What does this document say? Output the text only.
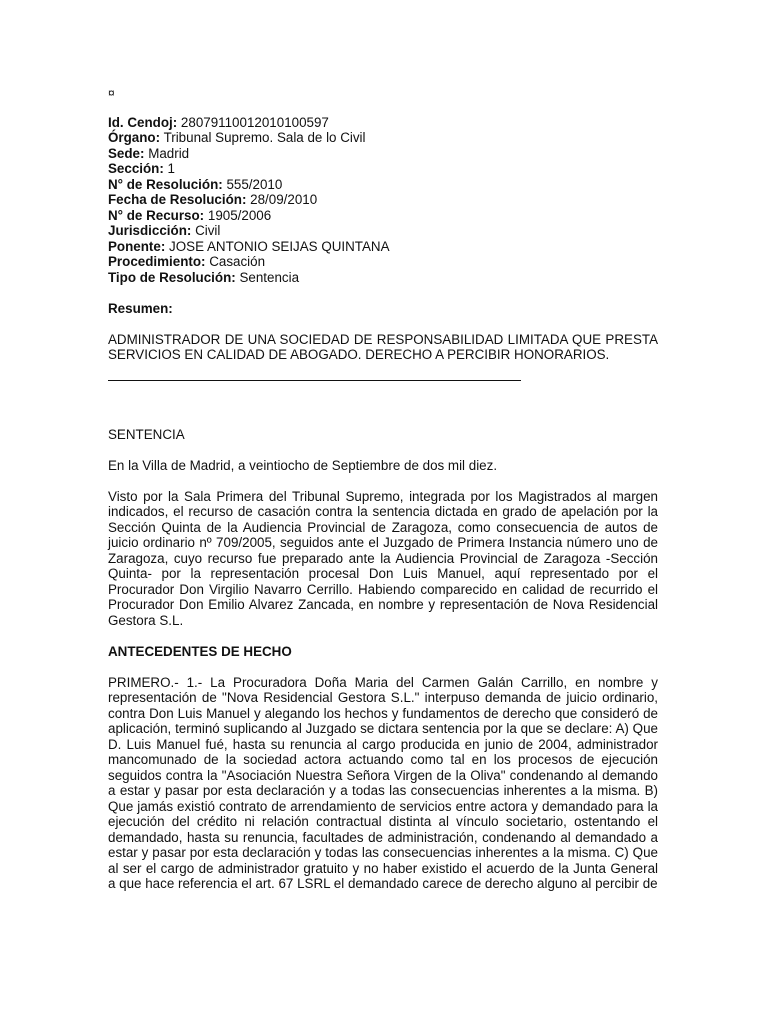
¤
Id. Cendoj: 28079110012010100597
Órgano: Tribunal Supremo. Sala de lo Civil
Sede: Madrid
Sección: 1
N° de Resolución: 555/2010
Fecha de Resolución: 28/09/2010
N° de Recurso: 1905/2006
Jurisdicción: Civil
Ponente: JOSE ANTONIO SEIJAS QUINTANA
Procedimiento: Casación
Tipo de Resolución: Sentencia
Resumen:
ADMINISTRADOR DE UNA SOCIEDAD DE RESPONSABILIDAD LIMITADA QUE PRESTA SERVICIOS EN CALIDAD DE ABOGADO. DERECHO A PERCIBIR HONORARIOS.
SENTENCIA
En la Villa de Madrid, a veintiocho de Septiembre de dos mil diez.
Visto por la Sala Primera del Tribunal Supremo, integrada por los Magistrados al margen indicados, el recurso de casación contra la sentencia dictada en grado de apelación por la Sección Quinta de la Audiencia Provincial de Zaragoza, como consecuencia de autos de juicio ordinario nº 709/2005, seguidos ante el Juzgado de Primera Instancia número uno de Zaragoza, cuyo recurso fue preparado ante la Audiencia Provincial de Zaragoza -Sección Quinta- por la representación procesal Don Luis Manuel, aquí representado por el Procurador Don Virgilio Navarro Cerrillo. Habiendo comparecido en calidad de recurrido el Procurador Don Emilio Alvarez Zancada, en nombre y representación de Nova Residencial Gestora S.L.
ANTECEDENTES DE HECHO
PRIMERO.- 1.- La Procuradora Doña Maria del Carmen Galán Carrillo, en nombre y representación de "Nova Residencial Gestora S.L." interpuso demanda de juicio ordinario, contra Don Luis Manuel y alegando los hechos y fundamentos de derecho que consideró de aplicación, terminó suplicando al Juzgado se dictara sentencia por la que se declare: A) Que D. Luis Manuel fué, hasta su renuncia al cargo producida en junio de 2004, administrador mancomunado de la sociedad actora actuando como tal en los procesos de ejecución seguidos contra la "Asociación Nuestra Señora Virgen de la Oliva" condenando al demando a estar y pasar por esta declaración y a todas las consecuencias inherentes a la misma. B) Que jamás existió contrato de arrendamiento de servicios entre actora y demandado para la ejecución del crédito ni relación contractual distinta al vínculo societario, ostentando el demandado, hasta su renuncia, facultades de administración, condenando al demandado a estar y pasar por esta declaración y todas las consecuencias inherentes a la misma. C) Que al ser el cargo de administrador gratuito y no haber existido el acuerdo de la Junta General a que hace referencia el art. 67 LSRL el demandado carece de derecho alguno al percibir de
